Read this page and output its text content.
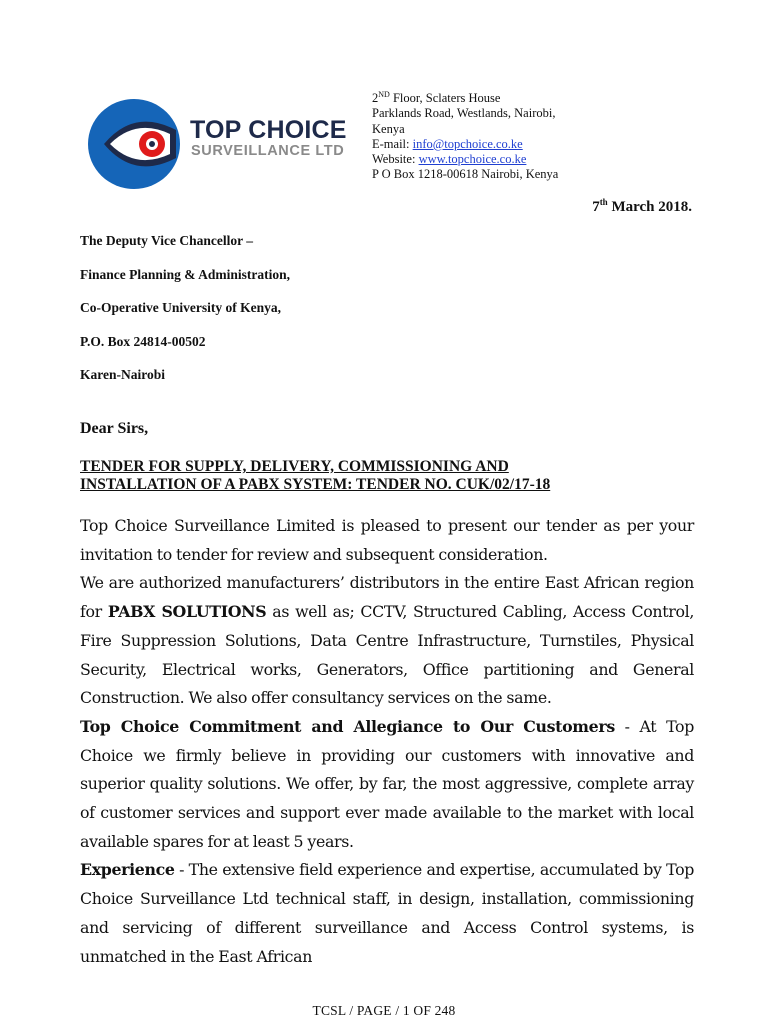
TOP CHOICE
SURVEILLANCE LTD
2ND Floor, Sclaters House
Parklands Road, Westlands, Nairobi,
Kenya
E-mail: info@topchoice.co.ke
Website: www.topchoice.co.ke
P O Box 1218-00618 Nairobi, Kenya
7th March 2018.
The Deputy Vice Chancellor –
Finance Planning & Administration,
Co-Operative University of Kenya,
P.O. Box 24814-00502
Karen-Nairobi
Dear Sirs,
TENDER FOR SUPPLY, DELIVERY, COMMISSIONING AND
INSTALLATION OF A PABX SYSTEM: TENDER NO. CUK/02/17-18

Top Choice Surveillance Limited is pleased to present our tender as per your invitation to tender for review and subsequent consideration.

We are authorized manufacturers’ distributors in the entire East African region for PABX SOLUTIONS as well as; CCTV, Structured Cabling, Access Control, Fire Suppression Solutions, Data Centre Infrastructure, Turnstiles, Physical Security, Electrical works, Generators, Office partitioning and General Construction. We also offer consultancy services on the same.

Top Choice Commitment and Allegiance to Our Customers - At Top Choice we firmly believe in providing our customers with innovative and superior quality solutions. We offer, by far, the most aggressive, complete array of customer services and support ever made available to the market with local available spares for at least 5 years.

Experience - The extensive field experience and expertise, accumulated by Top Choice Surveillance Ltd technical staff, in design, installation, commissioning and servicing of different surveillance and Access Control systems, is unmatched in the East African

TCSL / PAGE / 1 OF 248
